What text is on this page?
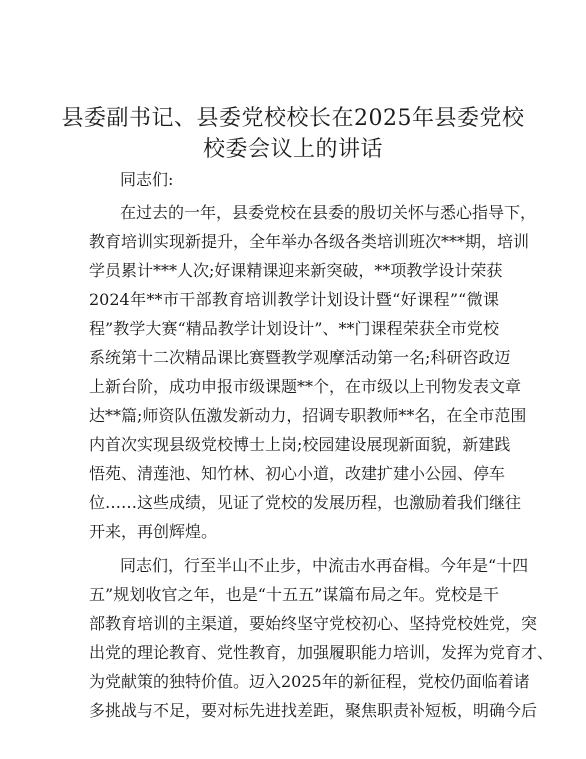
县委副书记、县委党校校长在2025年县委党校
校委会议上的讲话

同志们:

在过去的一年，县委党校在县委的殷切关怀与悉心指导下，

教育培训实现新提升，全年举办各级各类培训班次***期，培训

学员累计***人次;好课精课迎来新突破，**项教学设计荣获

2024年**市干部教育培训教学计划设计暨“好课程”“微课

程”教学大赛“精品教学计划设计”、**门课程荣获全市党校

系统第十二次精品课比赛暨教学观摩活动第一名;科研咨政迈

上新台阶，成功申报市级课题**个，在市级以上刊物发表文章

达**篇;师资队伍激发新动力，招调专职教师**名，在全市范围

内首次实现县级党校博士上岗;校园建设展现新面貌，新建践

悟苑、清莲池、知竹林、初心小道，改建扩建小公园、停车

位……这些成绩，见证了党校的发展历程，也激励着我们继往

开来，再创辉煌。

同志们，行至半山不止步，中流击水再奋楫。今年是“十四

五”规划收官之年，也是“十五五”谋篇布局之年。党校是干

部教育培训的主渠道，要始终坚守党校初心、坚持党校姓党，突

出党的理论教育、党性教育，加强履职能力培训，发挥为党育才、

为党献策的独特价值。迈入2025年的新征程，党校仍面临着诸

多挑战与不足，要对标先进找差距，聚焦职责补短板，明确今后
